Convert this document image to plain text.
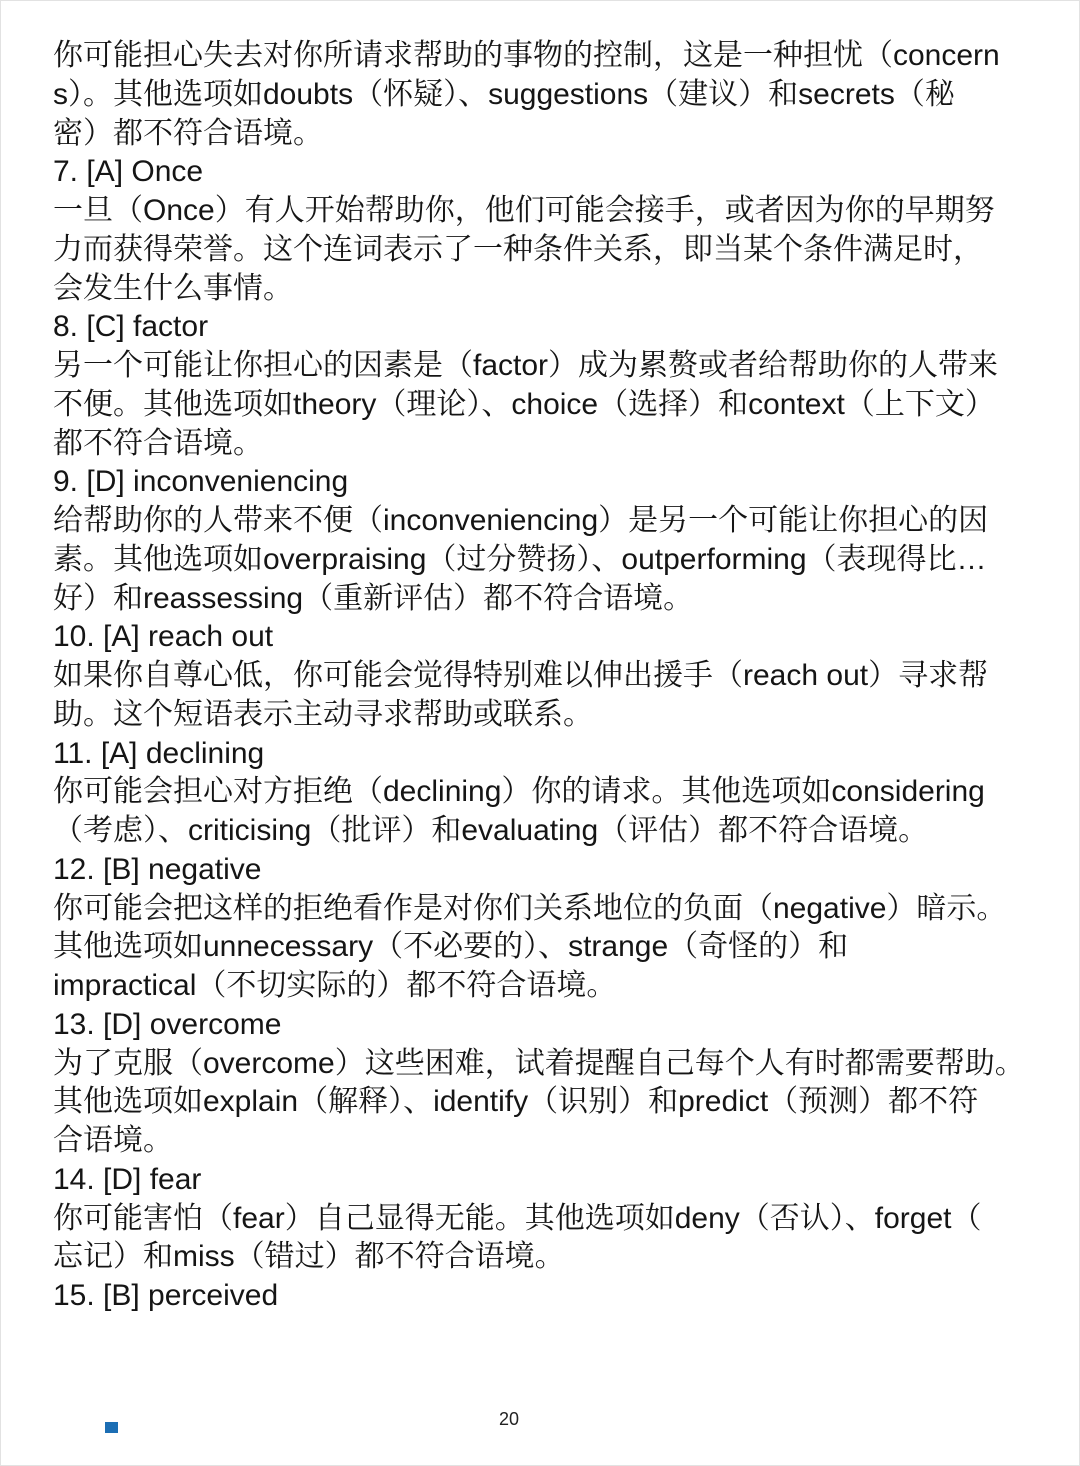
你可能担心失去对你所请求帮助的事物的控制，这是一种担忧（concern
s）。其他选项如doubts（怀疑）、suggestions（建议）和secrets（秘
密）都不符合语境。
7. [A] Once
一旦（Once）有人开始帮助你，他们可能会接手，或者因为你的早期努
力而获得荣誉。这个连词表示了一种条件关系，即当某个条件满足时，
会发生什么事情。
8. [C] factor
另一个可能让你担心的因素是（factor）成为累赘或者给帮助你的人带来
不便。其他选项如theory（理论）、choice（选择）和context（上下文）
都不符合语境。
9. [D] inconveniencing
给帮助你的人带来不便（inconveniencing）是另一个可能让你担心的因
素。其他选项如overpraising（过分赞扬）、outperforming（表现得比…
好）和reassessing（重新评估）都不符合语境。
10. [A] reach out
如果你自尊心低，你可能会觉得特别难以伸出援手（reach out）寻求帮
助。这个短语表示主动寻求帮助或联系。
11. [A] declining
你可能会担心对方拒绝（declining）你的请求。其他选项如considering
（考虑）、criticising（批评）和evaluating（评估）都不符合语境。
12. [B] negative
你可能会把这样的拒绝看作是对你们关系地位的负面（negative）暗示。
其他选项如unnecessary（不必要的）、strange（奇怪的）和
impractical（不切实际的）都不符合语境。
13. [D] overcome
为了克服（overcome）这些困难，试着提醒自己每个人有时都需要帮助。
其他选项如explain（解释）、identify（识别）和predict（预测）都不符
合语境。
14. [D] fear
你可能害怕（fear）自己显得无能。其他选项如deny（否认）、forget（
忘记）和miss（错过）都不符合语境。
15. [B] perceived
20
